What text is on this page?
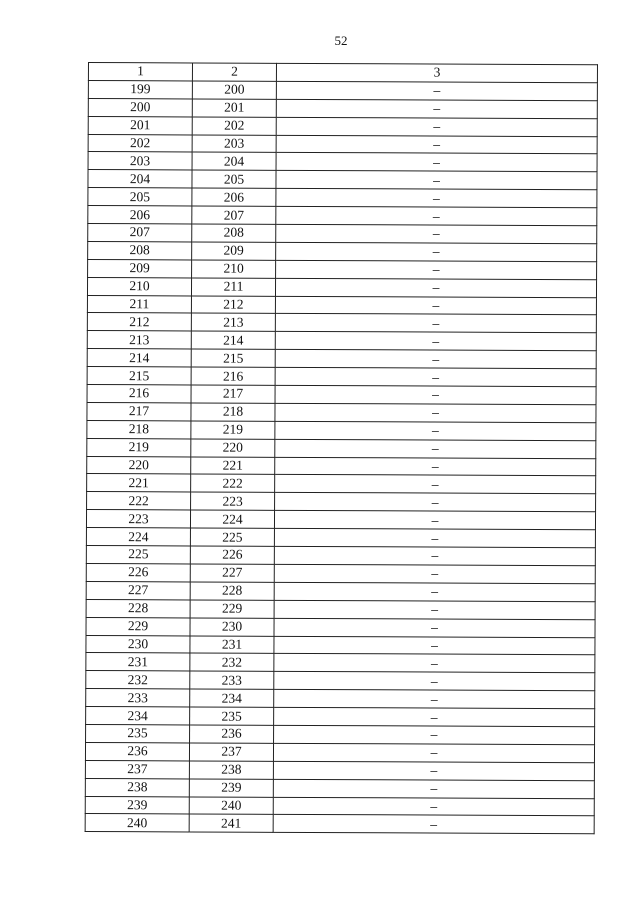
52
1	2	3
199	200	–
200	201	–
201	202	–
202	203	–
203	204	–
204	205	–
205	206	–
206	207	–
207	208	–
208	209	–
209	210	–
210	211	–
211	212	–
212	213	–
213	214	–
214	215	–
215	216	–
216	217	–
217	218	–
218	219	–
219	220	–
220	221	–
221	222	–
222	223	–
223	224	–
224	225	–
225	226	–
226	227	–
227	228	–
228	229	–
229	230	–
230	231	–
231	232	–
232	233	–
233	234	–
234	235	–
235	236	–
236	237	–
237	238	–
238	239	–
239	240	–
240	241	–
